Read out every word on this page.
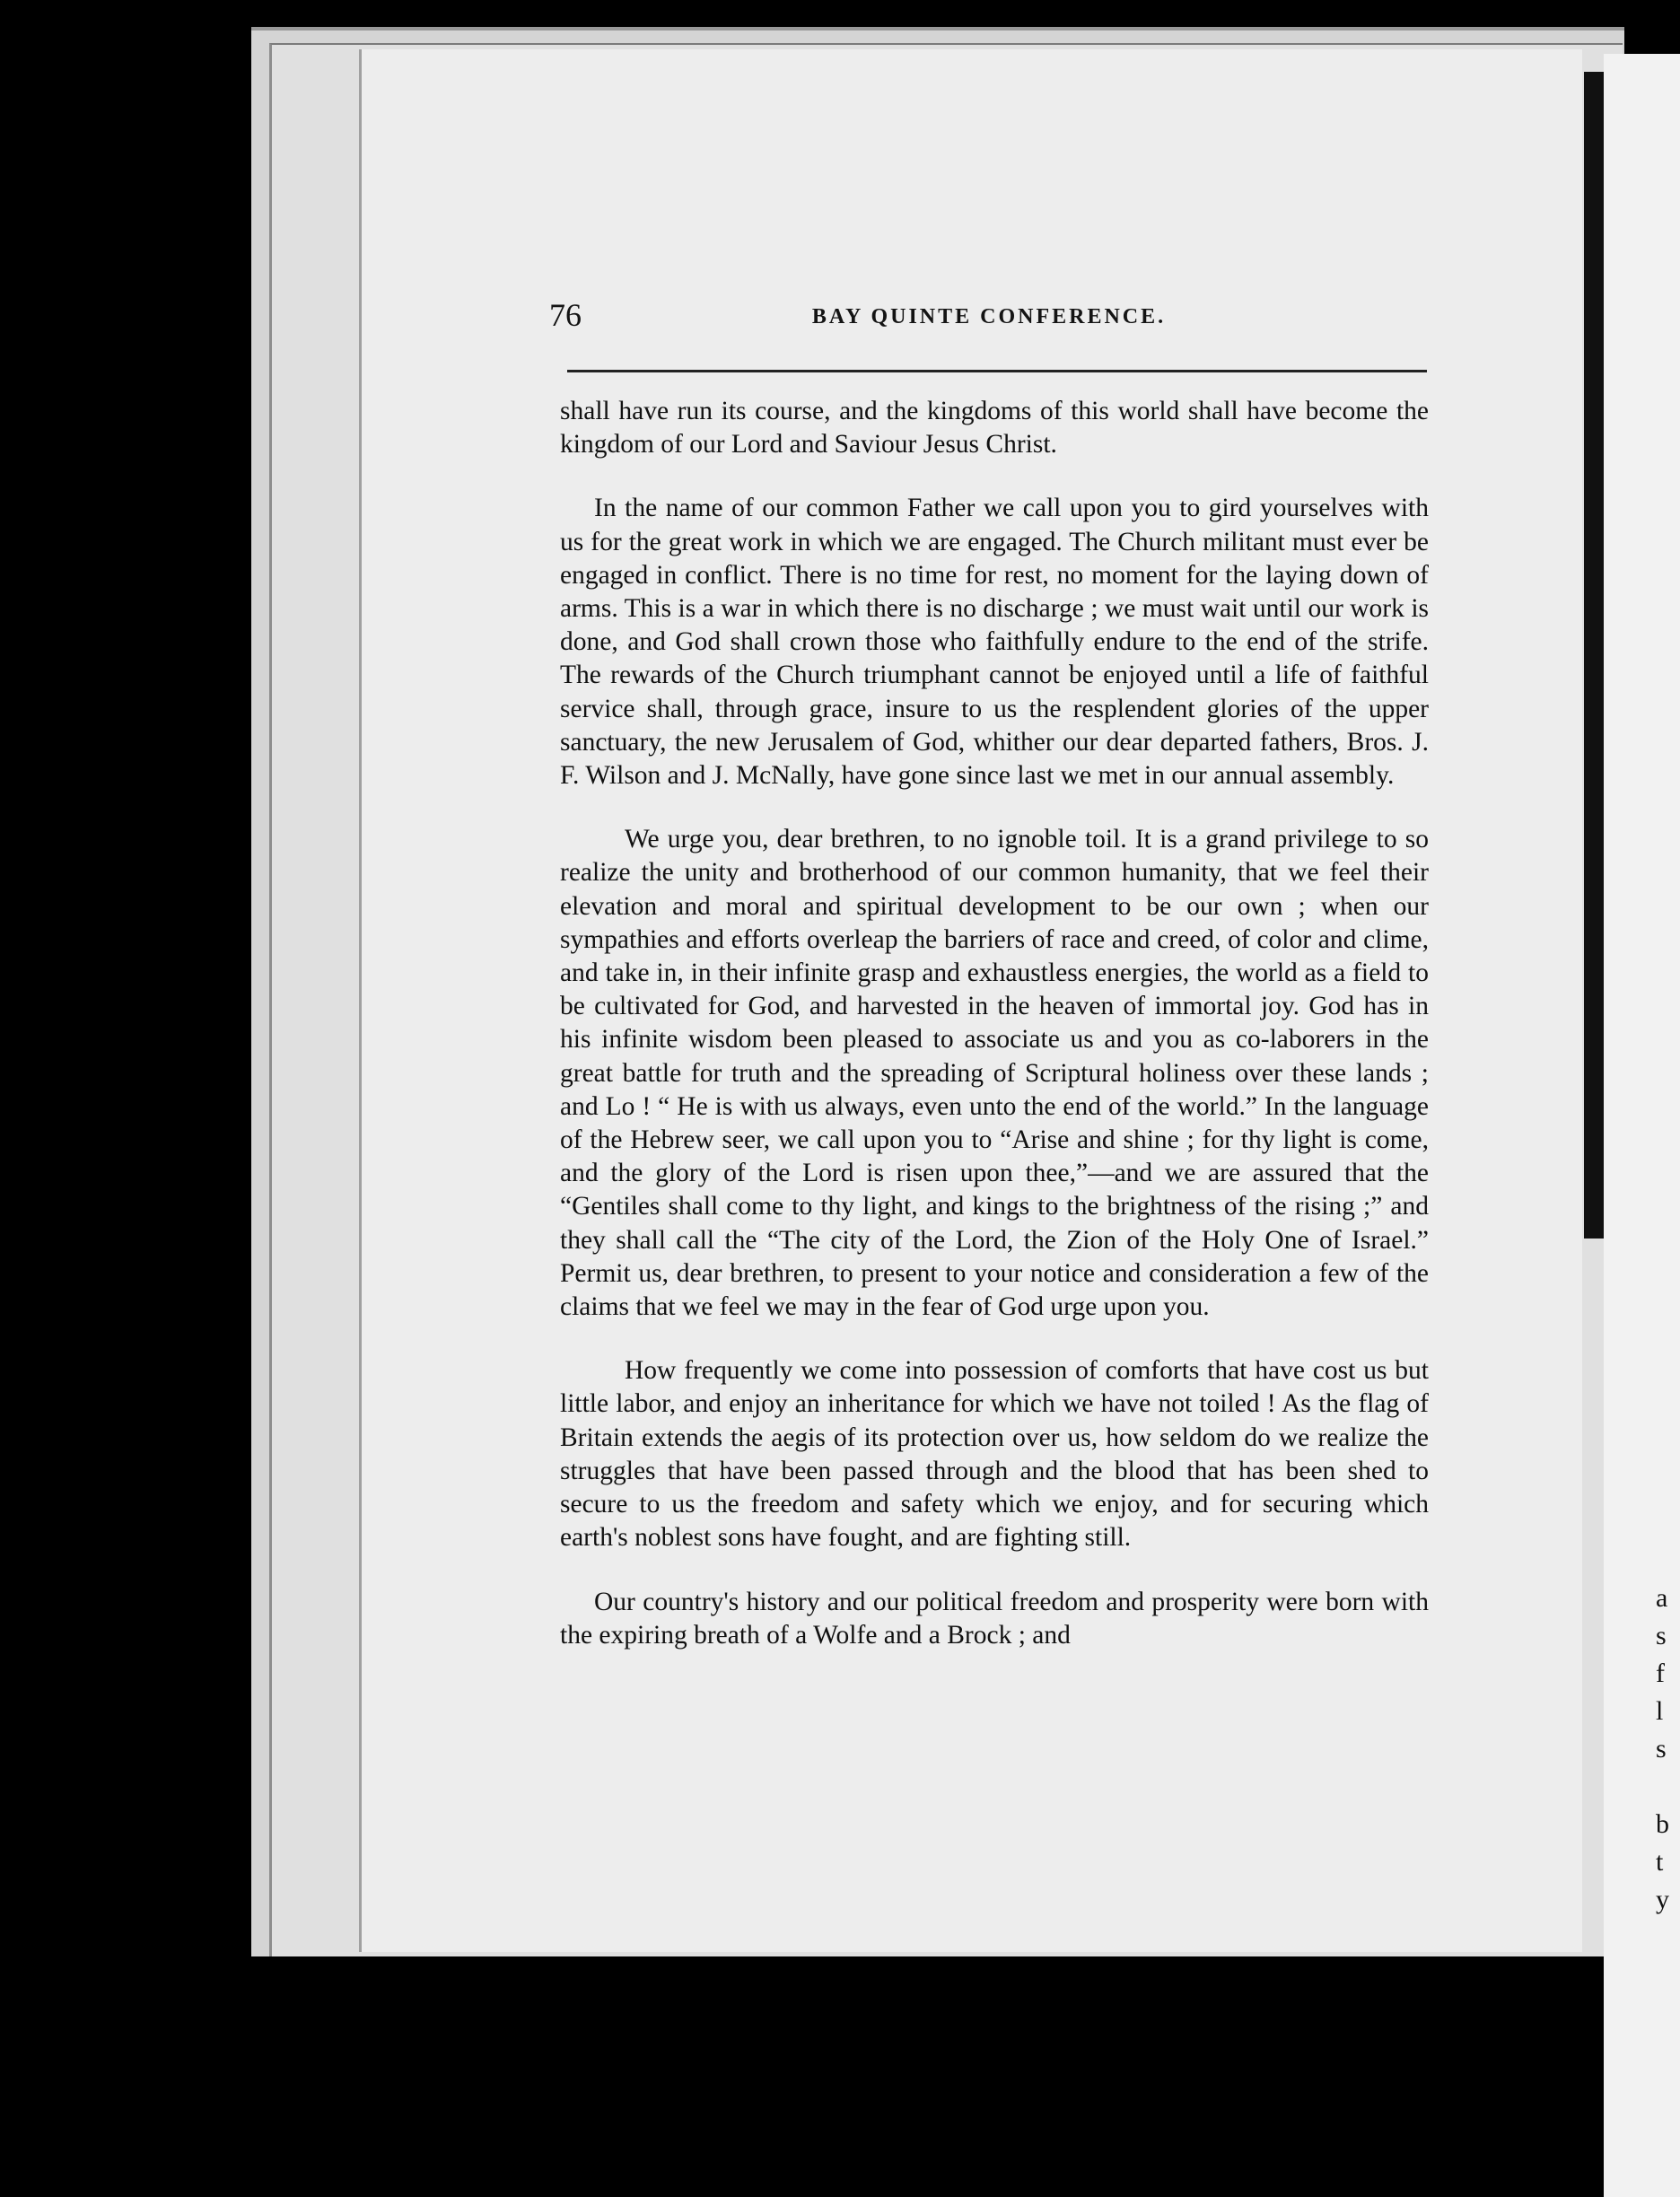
a
s
f
l
s
b
t
y
76	BAY QUINTE CONFERENCE.

shall have run its course, and the kingdoms of this world shall have become the kingdom of our Lord and Saviour Jesus Christ.

In the name of our common Father we call upon you to gird yourselves with us for the great work in which we are engaged. The Church militant must ever be engaged in conflict. There is no time for rest, no moment for the laying down of arms. This is a war in which there is no discharge ; we must wait until our work is done, and God shall crown those who faithfully endure to the end of the strife. The rewards of the Church triumphant cannot be enjoyed until a life of faithful service shall, through grace, insure to us the resplendent glories of the upper sanctuary, the new Jerusalem of God, whither our dear departed fathers, Bros. J. F. Wilson and J. McNally, have gone since last we met in our annual assembly.

We urge you, dear brethren, to no ignoble toil. It is a grand privilege to so realize the unity and brotherhood of our common humanity, that we feel their elevation and moral and spiritual development to be our own ; when our sympathies and efforts overleap the barriers of race and creed, of color and clime, and take in, in their infinite grasp and exhaustless energies, the world as a field to be cultivated for God, and harvested in the heaven of immortal joy. God has in his infinite wisdom been pleased to associate us and you as co-laborers in the great battle for truth and the spreading of Scriptural holiness over these lands ; and Lo ! “ He is with us always, even unto the end of the world.” In the language of the Hebrew seer, we call upon you to “Arise and shine ; for thy light is come, and the glory of the Lord is risen upon thee,”—and we are assured that the “Gentiles shall come to thy light, and kings to the brightness of the rising ;” and they shall call the “The city of the Lord, the Zion of the Holy One of Israel.” Permit us, dear brethren, to present to your notice and consideration a few of the claims that we feel we may in the fear of God urge upon you.

How frequently we come into possession of comforts that have cost us but little labor, and enjoy an inheritance for which we have not toiled ! As the flag of Britain extends the aegis of its protection over us, how seldom do we realize the struggles that have been passed through and the blood that has been shed to secure to us the freedom and safety which we enjoy, and for securing which earth's noblest sons have fought, and are fighting still.

Our country's history and our political freedom and prosperity were born with the expiring breath of a Wolfe and a Brock ; and
